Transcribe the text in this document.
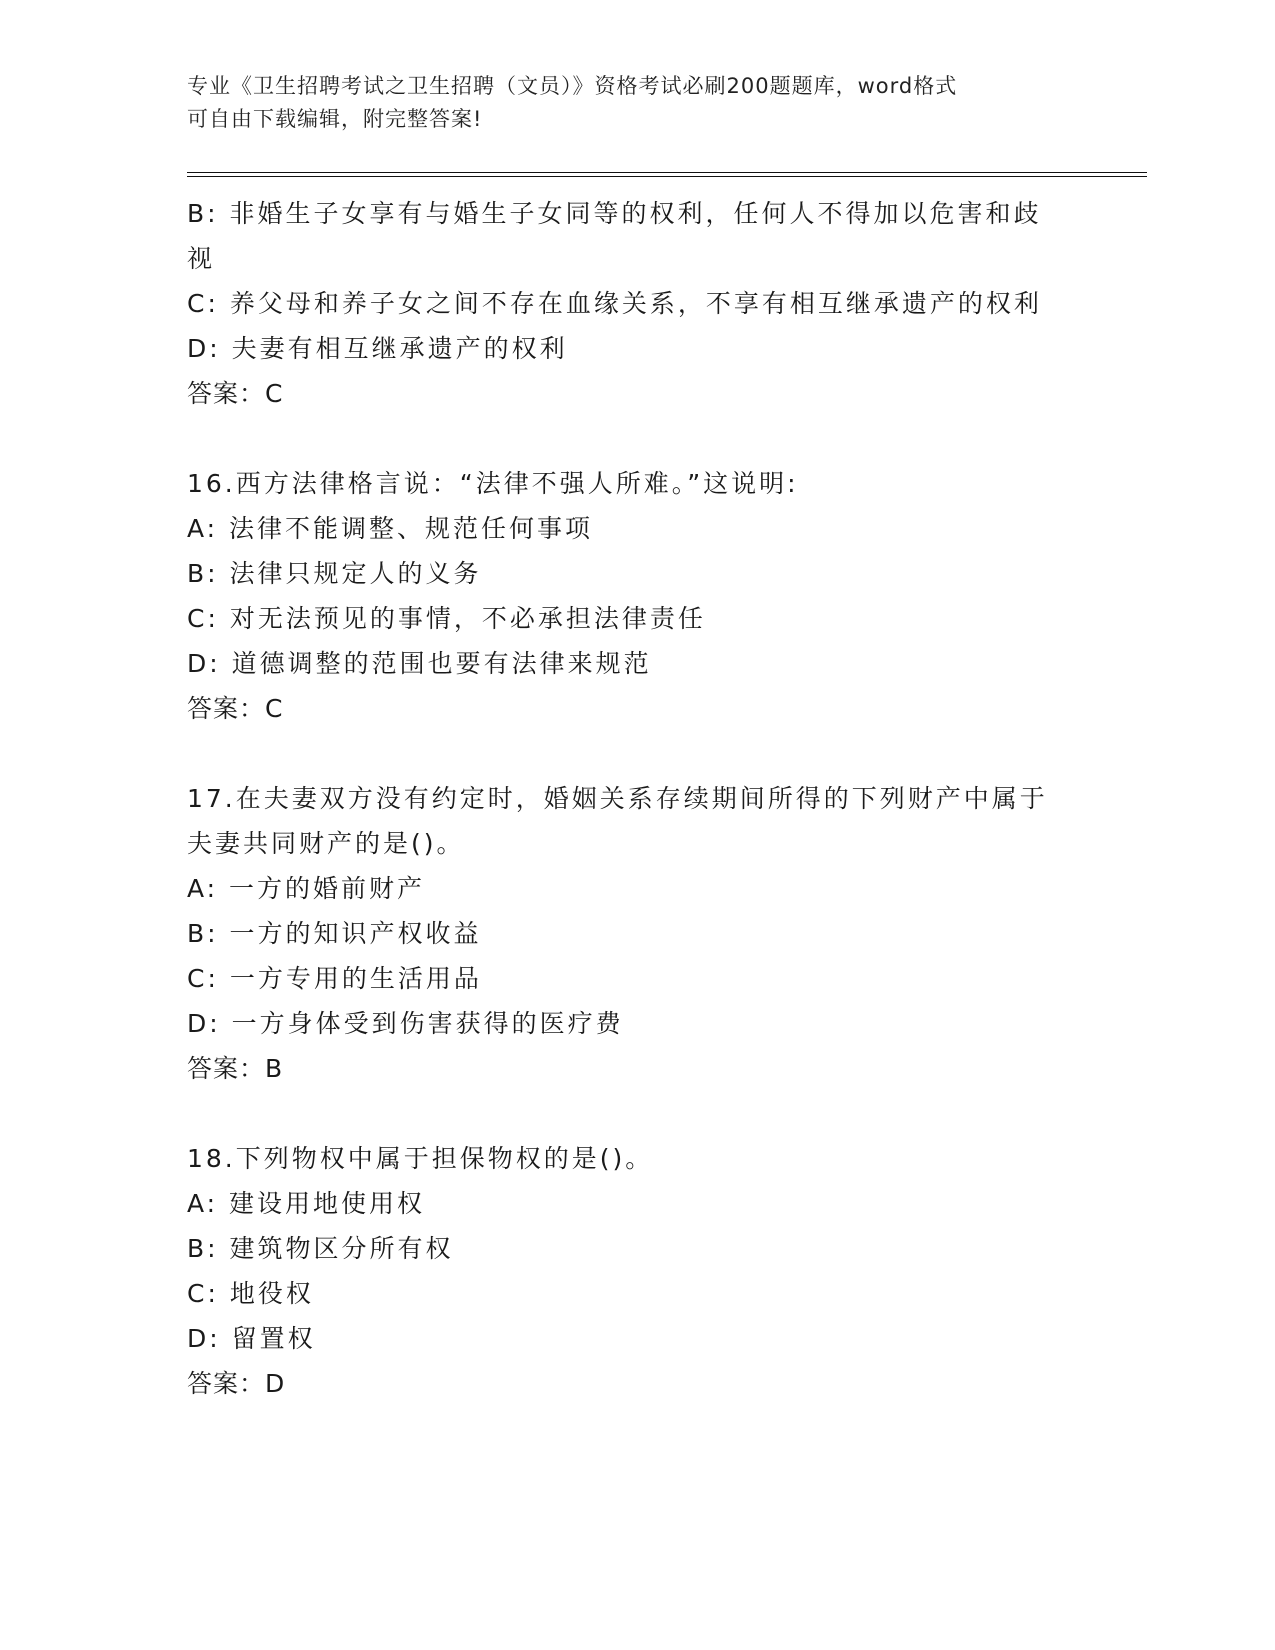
专业《卫生招聘考试之卫生招聘（文员）》资格考试必刷200题题库，word格式
可自由下载编辑，附完整答案!
B: 非婚生子女享有与婚生子女同等的权利，任何人不得加以危害和歧
视
C: 养父母和养子女之间不存在血缘关系，不享有相互继承遗产的权利
D: 夫妻有相互继承遗产的权利
答案：C
16.西方法律格言说：“法律不强人所难。”这说明:
A: 法律不能调整、规范任何事项
B: 法律只规定人的义务
C: 对无法预见的事情，不必承担法律责任
D: 道德调整的范围也要有法律来规范
答案：C
17.在夫妻双方没有约定时，婚姻关系存续期间所得的下列财产中属于
夫妻共同财产的是()。
A: 一方的婚前财产
B: 一方的知识产权收益
C: 一方专用的生活用品
D: 一方身体受到伤害获得的医疗费
答案：B
18.下列物权中属于担保物权的是()。
A: 建设用地使用权
B: 建筑物区分所有权
C: 地役权
D: 留置权
答案：D
